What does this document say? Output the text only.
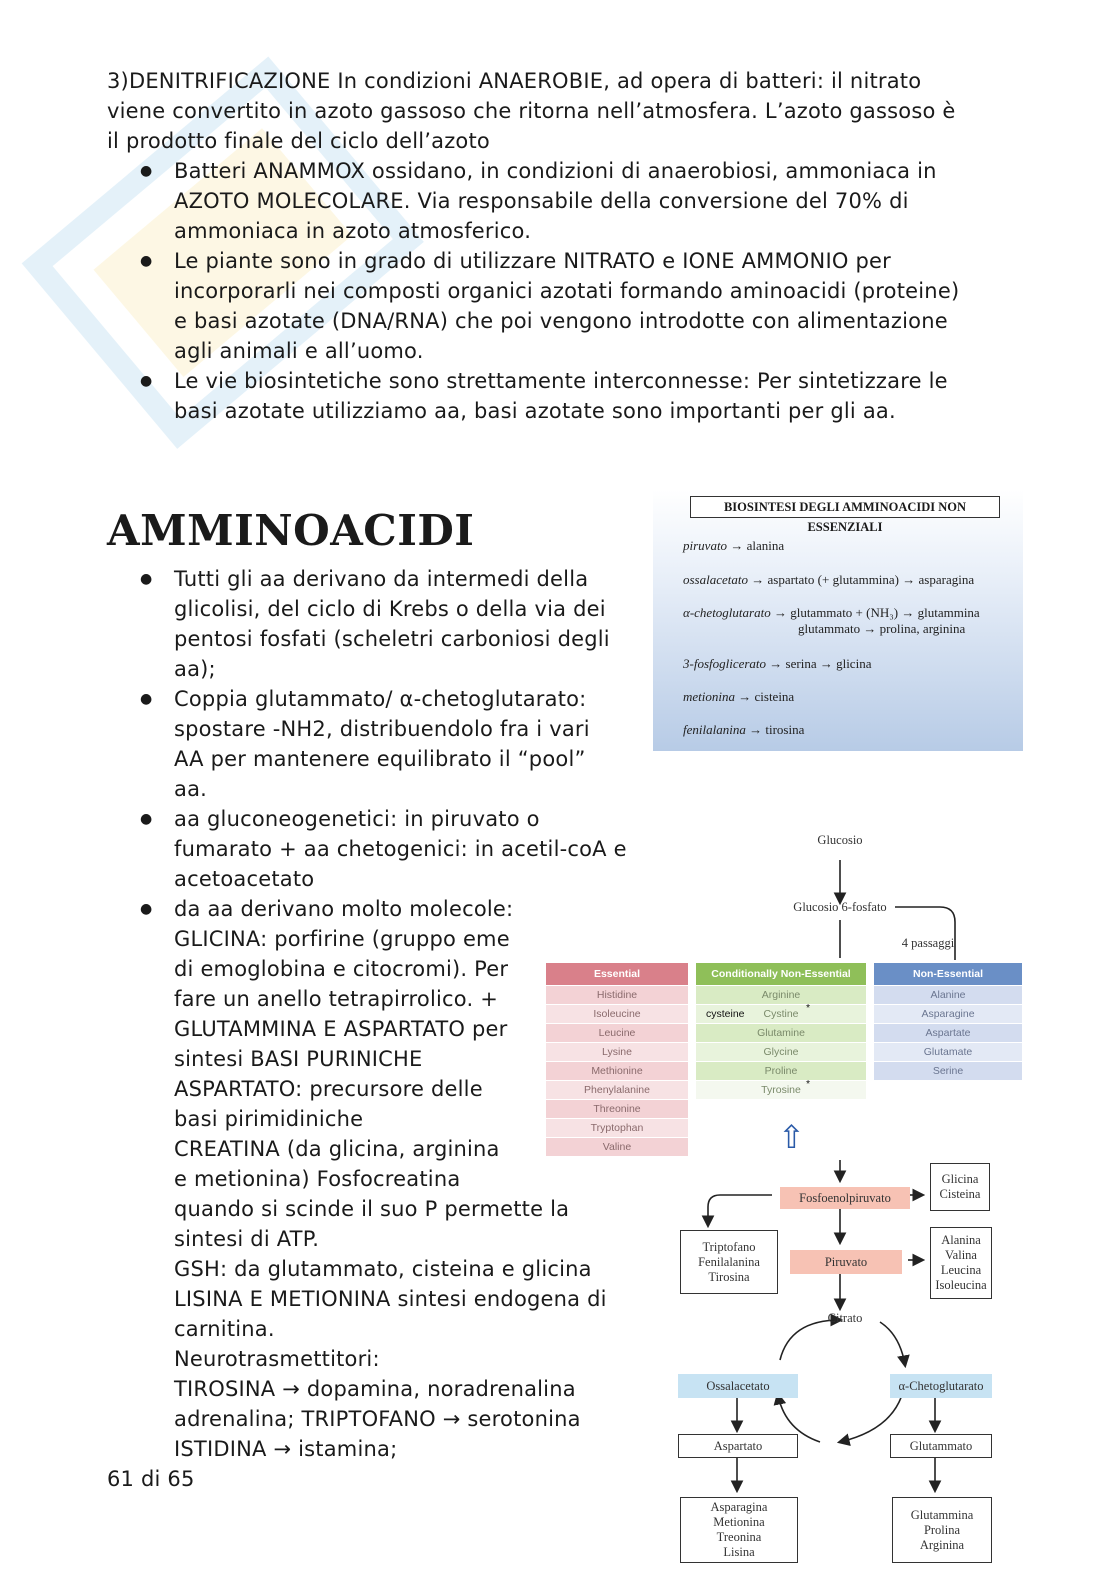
3)DENITRIFICAZIONE In condizioni ANAEROBIE, ad opera di batteri: il nitrato
viene convertito in azoto gassoso che ritorna nell’atmosfera. L’azoto gassoso è
il prodotto finale del ciclo dell’azoto
● Batteri ANAMMOX ossidano, in condizioni di anaerobiosi, ammoniaca in
AZOTO MOLECOLARE. Via responsabile della conversione del 70% di
ammoniaca in azoto atmosferico.
● Le piante sono in grado di utilizzare NITRATO e IONE AMMONIO per
incorporarli nei composti organici azotati formando aminoacidi (proteine)
e basi azotate (DNA/RNA) che poi vengono introdotte con alimentazione
agli animali e all’uomo.
● Le vie biosintetiche sono strettamente interconnesse: Per sintetizzare le
basi azotate utilizziamo aa, basi azotate sono importanti per gli aa.
AMMINOACIDI
● Tutti gli aa derivano da intermedi della
glicolisi, del ciclo di Krebs o della via dei
pentosi fosfati (scheletri carboniosi degli
aa);
● Coppia glutammato/ α-chetoglutarato:
spostare -NH2, distribuendolo fra i vari
AA per mantenere equilibrato il “pool”
aa.
● aa gluconeogenetici: in piruvato o
fumarato + aa chetogenici: in acetil-coA e
acetoacetato
● da aa derivano molto molecole:
GLICINA: porfirine (gruppo eme
di emoglobina e citocromi). Per
fare un anello tetrapirrolico. +
GLUTAMMINA E ASPARTATO per
sintesi BASI PURINICHE
ASPARTATO: precursore delle
basi pirimidiniche
CREATINA (da glicina, arginina
e metionina) Fosfocreatina
quando si scinde il suo P permette la
sintesi di ATP.
GSH: da glutammato, cisteina e glicina
LISINA E METIONINA sintesi endogena di
carnitina.
Neurotrasmettitori:
TIROSINA → dopamina, noradrenalina
adrenalina; TRIPTOFANO → serotonina
ISTIDINA → istamina;
61 di 65
BIOSINTESI DEGLI AMMINOACIDI NON ESSENZIALI
piruvato → alanina
ossalacetato → aspartato (+ glutammina) → asparagina
α-chetoglutarato → glutammato + (NH₃) → glutammina
glutammato → prolina, arginina
3-fosfoglicerato → serina → glicina
metionina → cisteina
fenilalanina → tirosina
Glucosio
Glucosio 6-fosfato
4 passaggi
Essential
Histidine
Isoleucine
Leucine
Lysine
Methionine
Phenylalanine
Threonine
Tryptophan
Valine
Conditionally Non-Essential
Arginine
cysteine Cystine *
Glutamine
Glycine
Proline
Tyrosine *
Non-Essential
Alanine
Asparagine
Aspartate
Glutamate
Serine
⇧
Glicina
Cisteina
Fosfoenolpiruvato
Triptofano
Fenilalanina
Tirosina
Piruvato
Alanina
Valina
Leucina
Isoleucina
Citrato
Ossalacetato	α-Chetoglutarato
Aspartato	Glutammato
Asparagina
Metionina
Treonina
Lisina
Glutammina
Prolina
Arginina
